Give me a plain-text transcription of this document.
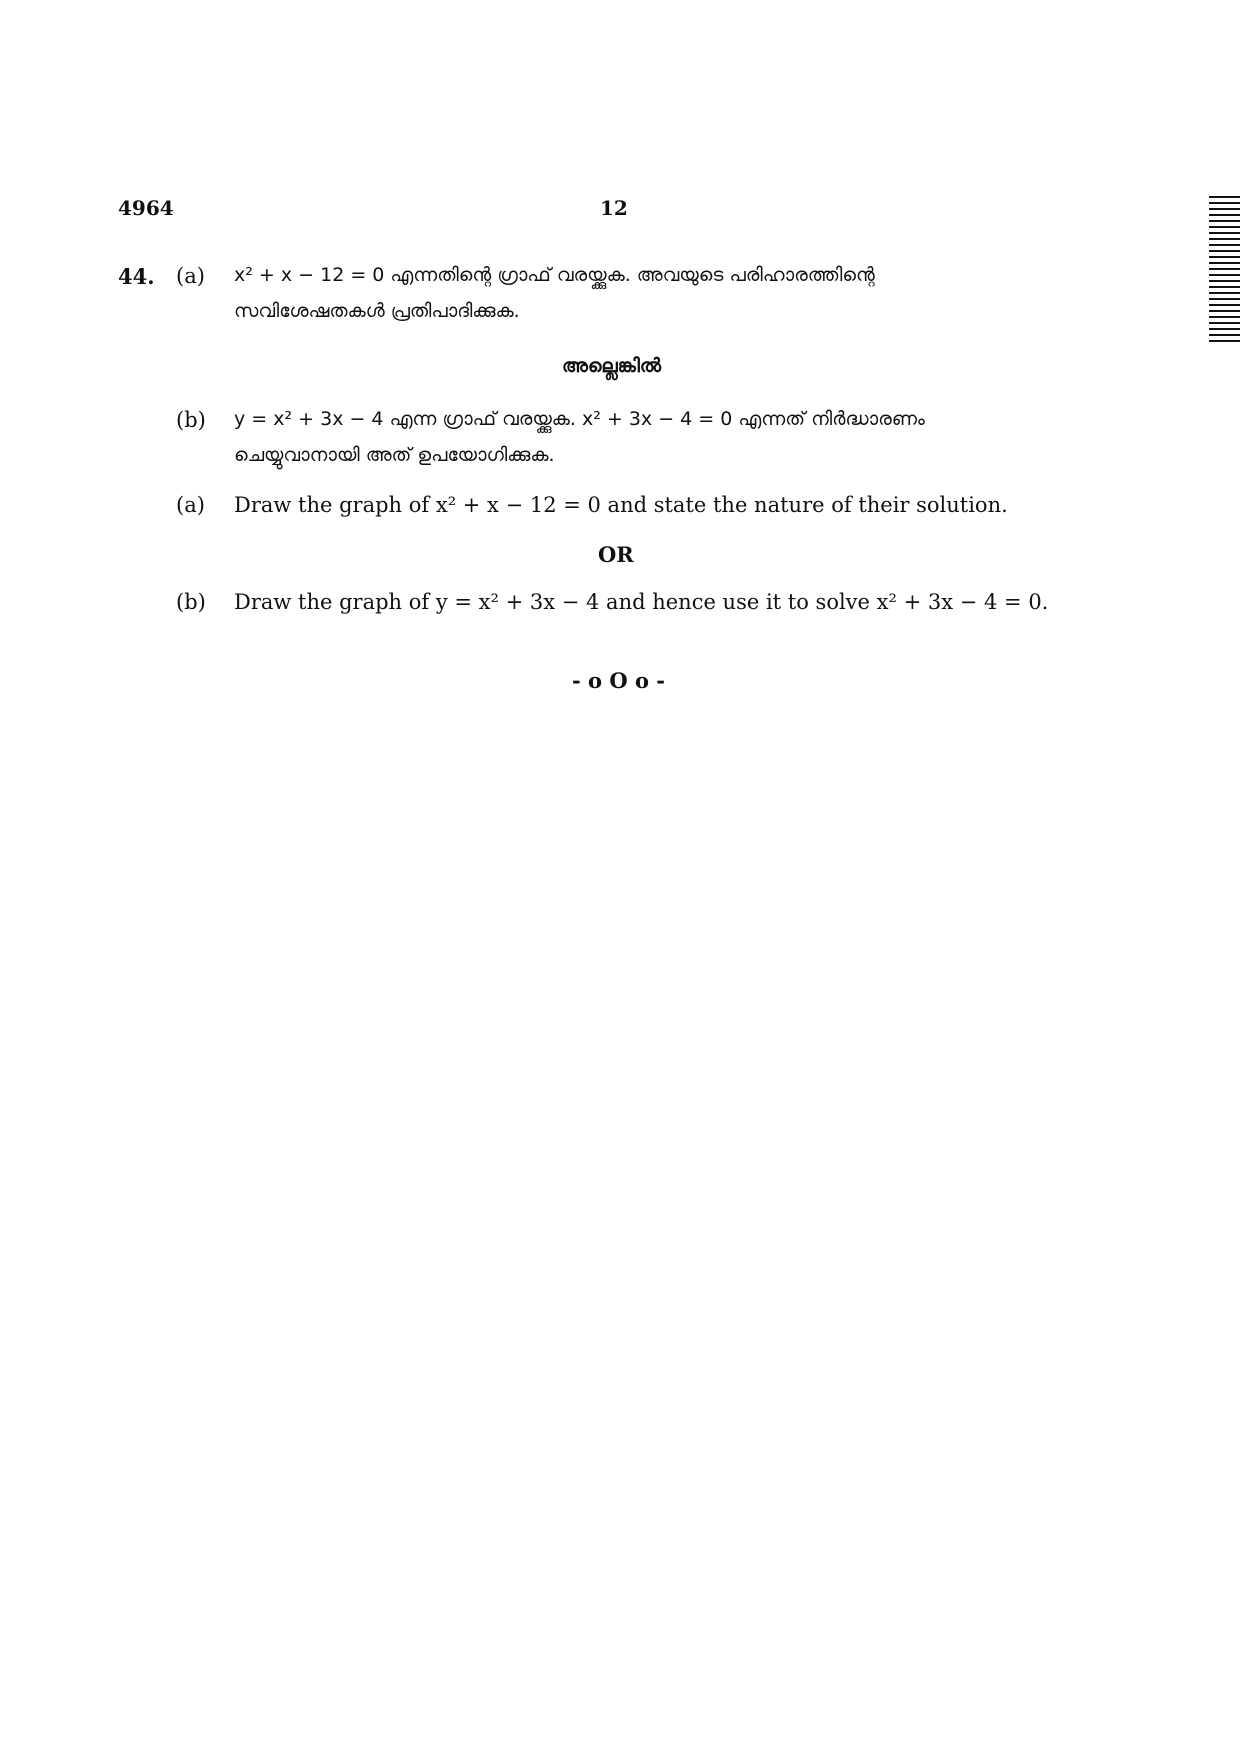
4964	12
44. (a) x² + x − 12 = 0 എന്നതിന്റെ ഗ്രാഫ് വരയ്ക്കുക. അവയുടെ പരിഹാരത്തിന്റെ
സവിശേഷതകൾ പ്രതിപാദിക്കുക.
അല്ലെങ്കിൽ
(b) y = x² + 3x − 4 എന്ന ഗ്രാഫ് വരയ്ക്കുക. x² + 3x − 4 = 0 എന്നത് നിർദ്ധാരണം
ചെയ്യുവാനായി അത് ഉപയോഗിക്കുക.
(a) Draw the graph of x² + x − 12 = 0 and state the nature of their solution.
OR
(b) Draw the graph of y = x² + 3x − 4 and hence use it to solve x² + 3x − 4 = 0.
- o O o -
